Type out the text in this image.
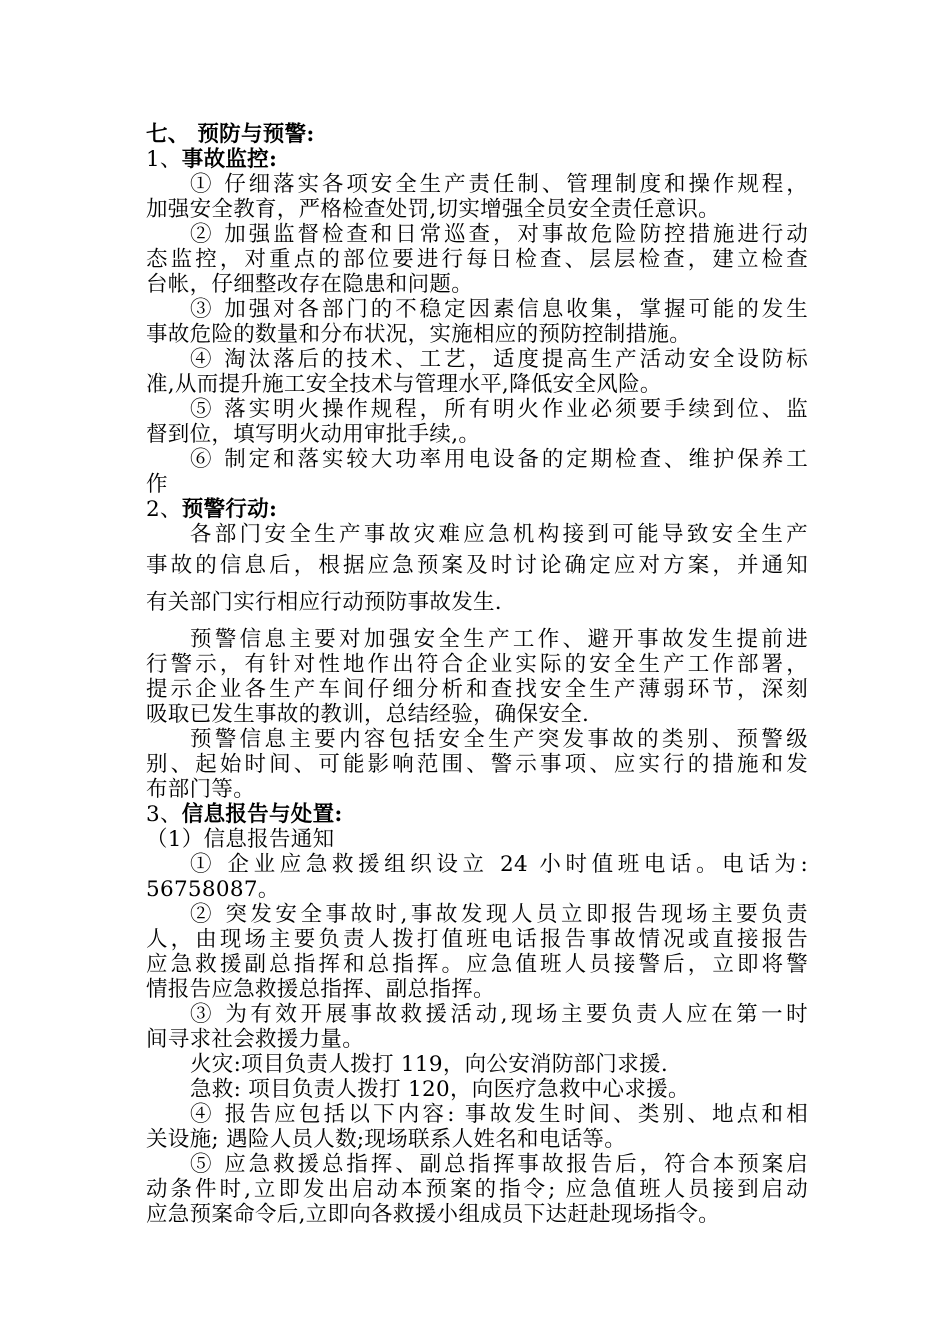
七、 预防与预警:
1、事故监控:
① 仔细落实各项安全生产责任制、管理制度和操作规程，
加强安全教育，严格检查处罚,切实增强全员安全责任意识。
② 加强监督检查和日常巡查，对事故危险防控措施进行动
态监控，对重点的部位要进行每日检查、层层检查，建立检查
台帐，仔细整改存在隐患和问题。
③ 加强对各部门的不稳定因素信息收集，掌握可能的发生
事故危险的数量和分布状况，实施相应的预防控制措施。
④ 淘汰落后的技术、工艺，适度提高生产活动安全设防标
准,从而提升施工安全技术与管理水平,降低安全风险。
⑤ 落实明火操作规程，所有明火作业必须要手续到位、监
督到位，填写明火动用审批手续,。
⑥ 制定和落实较大功率用电设备的定期检查、维护保养工
作
2、预警行动:
各部门安全生产事故灾难应急机构接到可能导致安全生产
事故的信息后，根据应急预案及时讨论确定应对方案，并通知
有关部门实行相应行动预防事故发生.
预警信息主要对加强安全生产工作、避开事故发生提前进
行警示，有针对性地作出符合企业实际的安全生产工作部署，
提示企业各生产车间仔细分析和查找安全生产薄弱环节，深刻
吸取已发生事故的教训，总结经验，确保安全.
预警信息主要内容包括安全生产突发事故的类别、预警级
别、起始时间、可能影响范围、警示事项、应实行的措施和发
布部门等。
3、信息报告与处置:
（1）信息报告通知
① 企业应急救援组织设立 24 小时值班电话。电话为:
56758087。
② 突发安全事故时,事故发现人员立即报告现场主要负责
人，由现场主要负责人拨打值班电话报告事故情况或直接报告
应急救援副总指挥和总指挥。应急值班人员接警后，立即将警
情报告应急救援总指挥、副总指挥。
③ 为有效开展事故救援活动,现场主要负责人应在第一时
间寻求社会救援力量。
火灾:项目负责人拨打 119，向公安消防部门求援.
急救: 项目负责人拨打 120，向医疗急救中心求援。
④ 报告应包括以下内容: 事故发生时间、类别、地点和相
关设施; 遇险人员人数;现场联系人姓名和电话等。
⑤ 应急救援总指挥、副总指挥事故报告后，符合本预案启
动条件时,立即发出启动本预案的指令; 应急值班人员接到启动
应急预案命令后,立即向各救援小组成员下达赶赴现场指令。
